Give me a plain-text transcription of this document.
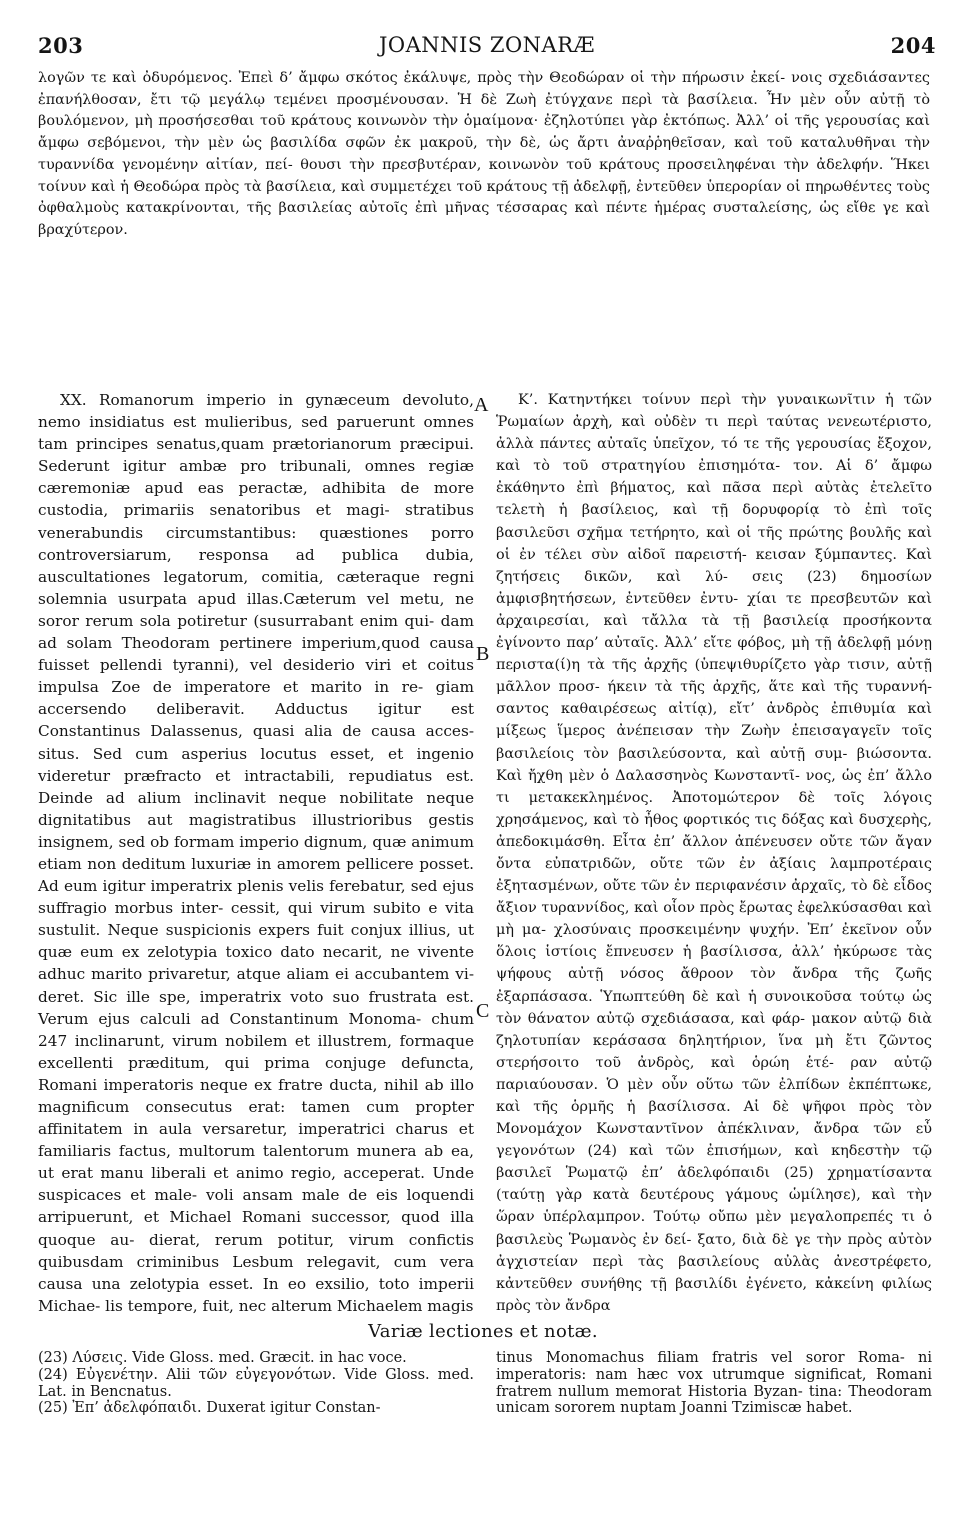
203	JOANNIS ZONARÆ	204

λογῶν τε καὶ ὀδυρόμενος. Ἐπεὶ δ’ ἄμφω σκότος ἐκάλυψε, πρὸς τὴν Θεοδώραν οἱ τὴν πήρωσιν ἐκεί- νοις σχεδιάσαντες ἐπανήλθοσαν, ἔτι τῷ μεγάλῳ τεμένει προσμένουσαν. Ἡ δὲ Ζωὴ ἐτύγχανε περὶ τὰ βασίλεια. Ἦν μὲν οὖν αὐτῇ τὸ βουλόμενον, μὴ προσήσεσθαι τοῦ κράτους κοινωνὸν τὴν ὁμαίμονα· ἐζηλοτύπει γὰρ ἐκτόπως. Ἀλλ’ οἱ τῆς γερουσίας καὶ ἄμφω σεβόμενοι, τὴν μὲν ὡς βασιλίδα σφῶν ἐκ μακροῦ, τὴν δὲ, ὡς ἄρτι ἀναῤῥηθεῖσαν, καὶ τοῦ καταλυθῆναι τὴν τυραννίδα γενομένην αἰτίαν, πεί- θουσι τὴν πρεσβυτέραν, κοινωνὸν τοῦ κράτους προσειληφέναι τὴν ἀδελφήν. Ἥκει τοίνυν καὶ ἡ Θεοδώρα πρὸς τὰ βασίλεια, καὶ συμμετέχει τοῦ κράτους τῇ ἀδελφῇ, ἐντεῦθεν ὑπερορίαν οἱ πηρωθέντες τοὺς ὀφθαλμοὺς κατακρίνονται, τῆς βασιλείας αὐτοῖς ἐπὶ μῆνας τέσσαρας καὶ πέντε ἡμέρας συσταλείσης, ὡς εἴθε γε καὶ βραχύτερον.

XX. Romanorum imperio in gynæceum devoluto, nemo insidiatus est mulieribus, sed paruerunt omnes tam principes senatus,quam prætorianorum præcipui. Sederunt igitur ambæ pro tribunali, omnes regiæ cæremoniæ apud eas peractæ, adhibita de more custodia, primariis senatoribus et magi- stratibus venerabundis circumstantibus: quæstiones porro controversiarum, responsa ad publica dubia, auscultationes legatorum, comitia, cæteraque regni solemnia usurpata apud illas.Cæterum vel metu, ne soror rerum sola potiretur (susurrabant enim qui- dam ad solam Theodoram pertinere imperium,quod causa fuisset pellendi tyranni), vel desiderio viri et coitus impulsa Zoe de imperatore et marito in re- giam accersendo deliberavit. Adductus igitur est Constantinus Dalassenus, quasi alia de causa acces- situs. Sed cum asperius locutus esset, et ingenio videretur præfracto et intractabili, repudiatus est. Deinde ad alium inclinavit neque nobilitate neque dignitatibus aut magistratibus illustrioribus gestis insignem, sed ob formam imperio dignum, quæ animum etiam non deditum luxuriæ in amorem pellicere posset. Ad eum igitur imperatrix plenis velis ferebatur, sed ejus suffragio morbus inter- cessit, qui virum subito e vita sustulit. Neque suspicionis expers fuit conjux illius, ut quæ eum ex zelotypia toxico dato necarit, ne vivente adhuc marito privaretur, atque aliam ei accubantem vi- deret. Sic ille spe, imperatrix voto suo frustrata est. Verum ejus calculi ad Constantinum Monoma- chum 247 inclinarunt, virum nobilem et illustrem, formaque excellenti præditum, qui prima conjuge defuncta, Romani imperatoris neque ex fratre ducta, nihil ab illo magnificum consecutus erat: tamen cum propter affinitatem in aula versaretur, imperatrici charus et familiaris factus, multorum talentorum munera ab ea, ut erat manu liberali et animo regio, acceperat. Unde suspicaces et male- voli ansam male de eis loquendi arripuerunt, et Michael Romani successor, quod illa quoque au- dierat, rerum potitur, virum confictis quibusdam criminibus Lesbum relegavit, cum vera causa una zelotypia esset. In eo exsilio, toto imperii Michae- lis tempore, fuit, nec alterum Michaelem magis

A
B
C

Κ’. Κατηντήκει τοίνυν περὶ τὴν γυναικωνῖτιν ἡ τῶν Ῥωμαίων ἀρχὴ, καὶ οὐδὲν τι περὶ ταύτας νενεωτέριστο, ἀλλὰ πάντες αὐταῖς ὑπεῖχον, τό τε τῆς γερουσίας ἔξοχον, καὶ τὸ τοῦ στρατηγίου ἐπισημότα- τον. Αἱ δ’ ἄμφω ἐκάθηντο ἐπὶ βήματος, καὶ πᾶσα περὶ αὐτὰς ἐτελεῖτο τελετὴ ἡ βασίλειος, καὶ τῇ δορυφορίᾳ τὸ ἐπὶ τοῖς βασιλεῦσι σχῆμα τετήρητο, καὶ οἱ τῆς πρώτης βουλῆς καὶ οἱ ἐν τέλει σὺν αἰδοῖ παρειστή- κεισαν ξύμπαντες. Καὶ ζητήσεις δικῶν, καὶ λύ- σεις (23) δημοσίων ἀμφισβητήσεων, ἐντεῦθεν ἐντυ- χίαι τε πρεσβευτῶν καὶ ἀρχαιρεσίαι, καὶ τἄλλα τὰ τῇ βασιλείᾳ προσήκοντα ἐγίνοντο παρ’ αὐταῖς. Ἀλλ’ εἴτε φόβος, μὴ τῇ ἀδελφῇ μόνῃ περιστα(ί)η τὰ τῆς ἀρχῆς (ὑπεψιθυρίζετο γὰρ τισιν, αὐτῇ μᾶλλον προσ- ήκειν τὰ τῆς ἀρχῆς, ἅτε καὶ τῆς τυραννή- σαντος καθαιρέσεως αἰτίᾳ), εἴτ’ ἀνδρὸς ἐπιθυμία καὶ μίξεως ἵμερος ἀνέπεισαν τὴν Ζωὴν ἐπεισαγαγεῖν τοῖς βασιλείοις τὸν βασιλεύσοντα, καὶ αὐτῇ συμ- βιώσοντα. Καὶ ἤχθη μὲν ὁ Δαλασσηνὸς Κωνσταντῖ- νος, ὡς ἐπ’ ἄλλο τι μετακεκλημένος. Ἀποτομώτερον δὲ τοῖς λόγοις χρησάμενος, καὶ τὸ ἦθος φορτικός τις δόξας καὶ δυσχερὴς, ἀπεδοκιμάσθη. Εἶτα ἐπ’ ἄλλον ἀπένευσεν οὔτε τῶν ἄγαν ὄντα εὐπατριδῶν, οὔτε τῶν ἐν ἀξίαις λαμπροτέραις ἐξητασμένων, οὔτε τῶν ἐν περιφανέσιν ἀρχαῖς, τὸ δὲ εἶδος ἄξιον τυραννίδος, καὶ οἷον πρὸς ἔρωτας ἐφελκύσασθαι καὶ μὴ μα- χλοσύναις προσκειμένην ψυχήν. Ἐπ’ ἐκεῖνον οὖν ὅλοις ἱστίοις ἔπνευσεν ἡ βασίλισσα, ἀλλ’ ἠκύρωσε τὰς ψήφους αὐτῇ νόσος ἄθροον τὸν ἄνδρα τῆς ζωῆς ἐξαρπάσασα. Ὑπωπτεύθη δὲ καὶ ἡ συνοικοῦσα τούτῳ ὡς τὸν θάνατον αὐτῷ σχεδιάσασα, καὶ φάρ- μακον αὐτῷ διὰ ζηλοτυπίαν κεράσασα δηλητήριον, ἵνα μὴ ἔτι ζῶντος στερήσοιτο τοῦ ἀνδρὸς, καὶ ὁρώη ἑτέ- ραν αὐτῷ παριαύουσαν. Ὁ μὲν οὖν οὕτω τῶν ἐλπίδων ἐκπέπτωκε, καὶ τῆς ὁρμῆς ἡ βασίλισσα. Αἱ δὲ ψῆφοι πρὸς τὸν Μονομάχον Κωνσταντῖνον ἀπέκλιναν, ἄνδρα τῶν εὖ γεγονότων (24) καὶ τῶν ἐπισήμων, καὶ κηδεστὴν τῷ βασιλεῖ Ῥωματῷ ἐπ’ ἀδελφόπαιδι (25) χρηματίσαντα (ταύτῃ γὰρ κατὰ δευτέρους γάμους ὡμίλησε), καὶ τὴν ὥραν ὑπέρλαμπρον. Τούτῳ οὔπω μὲν μεγαλοπρεπές τι ὁ βασιλεὺς Ῥωμανὸς ἐν δεί- ξατο, διὰ δὲ γε τὴν πρὸς αὐτὸν ἀγχιστείαν περὶ τὰς βασιλείους αὐλὰς ἀνεστρέφετο, κἀντεῦθεν συνήθης τῇ βασιλίδι ἐγένετο, κἀκείνη φιλίως πρὸς τὸν ἄνδρα

Variæ lectiones et notæ.

(23) Λύσεις. Vide Gloss. med. Græcit. in hac voce.

(24) Εὐγενέτην. Alii τῶν εὐγεγονότων. Vide Gloss. med. Lat. in Bencnatus.

(25) Ἐπ’ ἀδελφόπαιδι. Duxerat igitur Constan-

tinus Monomachus filiam fratris vel soror Roma- ni imperatoris: nam hæc vox utrumque significat, Romani fratrem nullum memorat Historia Byzan- tina: Theodoram unicam sororem nuptam Joanni Tzimiscæ habet.
